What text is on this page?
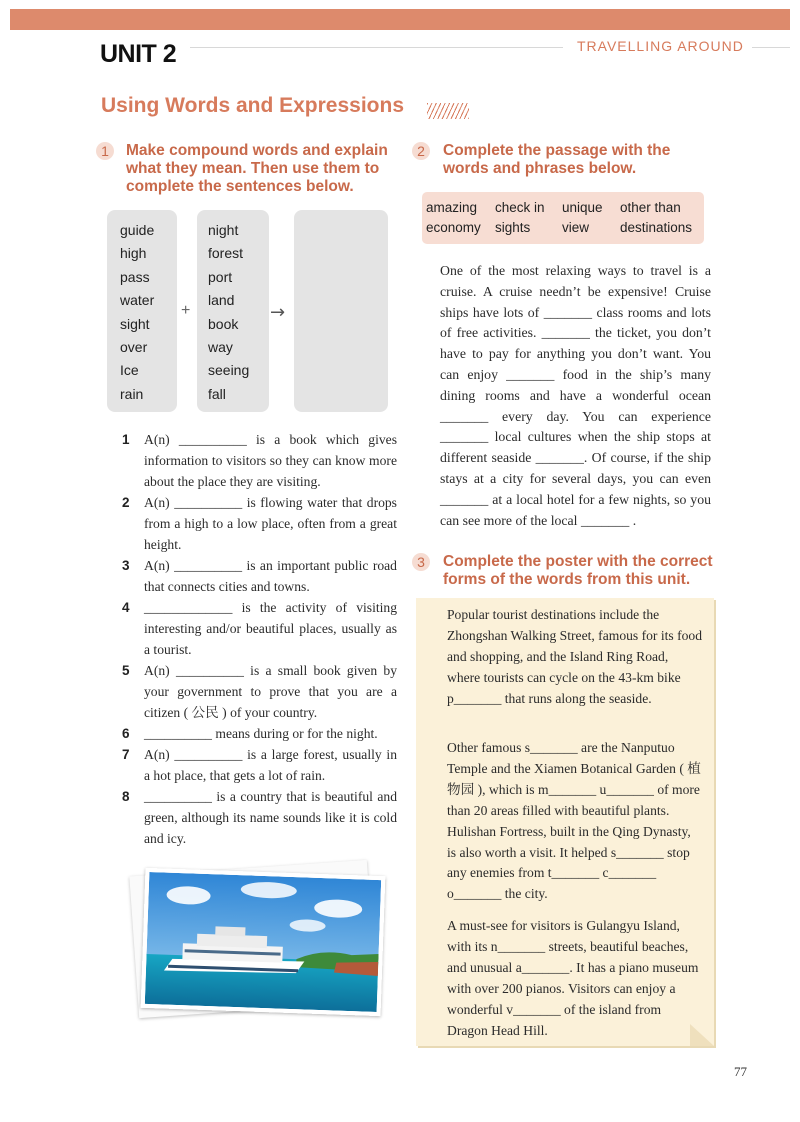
UNIT 2	TRAVELLING AROUND
Using Words and Expressions
1	Make compound words and explain
what they mean. Then use them to
complete the sentences below.
guide
high
pass
water
sight
over
Ice
rain
+
night
forest
port
land
book
way
seeing
fall
→
1 A(n) __________ is a book which gives information to visitors so they can know more about the place they are visiting.
2 A(n) __________ is flowing water that drops from a high to a low place, often from a great height.
3 A(n) __________ is an important public road that connects cities and towns.
4 _____________ is the activity of visiting interesting and/or beautiful places, usually as a tourist.
5 A(n) __________ is a small book given by your government to prove that you are a citizen ( 公民 ) of your country.
6 __________ means during or for the night.
7 A(n) __________ is a large forest, usually in a hot place, that gets a lot of rain.
8 __________ is a country that is beautiful and green, although its name sounds like it is cold and icy.
2	Complete the passage with the
words and phrases below.
amazing check in unique other than
economy sights view destinations
One of the most relaxing ways to travel is a cruise. A cruise needn’t be expensive! Cruise ships have lots of _______ class rooms and lots of free activities. _______ the ticket, you don’t have to pay for anything you don’t want. You can enjoy _______ food in the ship’s many dining rooms and have a wonderful ocean _______ every day. You can experience _______ local cultures when the ship stops at different seaside _______. Of course, if the ship stays at a city for several days, you can even _______ at a local hotel for a few nights, so you can see more of the local _______ .
3	Complete the poster with the correct
forms of the words from this unit.
Popular tourist destinations include the Zhongshan Walking Street, famous for its food and shopping, and the Island Ring Road, where tourists can cycle on the 43-km bike p_______ that runs along the seaside.
Other famous s_______ are the Nanputuo Temple and the Xiamen Botanical Garden ( 植物园 ), which is m_______ u_______ of more than 20 areas filled with beautiful plants. Hulishan Fortress, built in the Qing Dynasty, is also worth a visit. It helped s_______ stop any enemies from t_______ c_______ o_______ the city.
A must-see for visitors is Gulangyu Island, with its n_______ streets, beautiful beaches, and unusual a_______. It has a piano museum with over 200 pianos. Visitors can enjoy a wonderful v_______ of the island from Dragon Head Hill.
77
